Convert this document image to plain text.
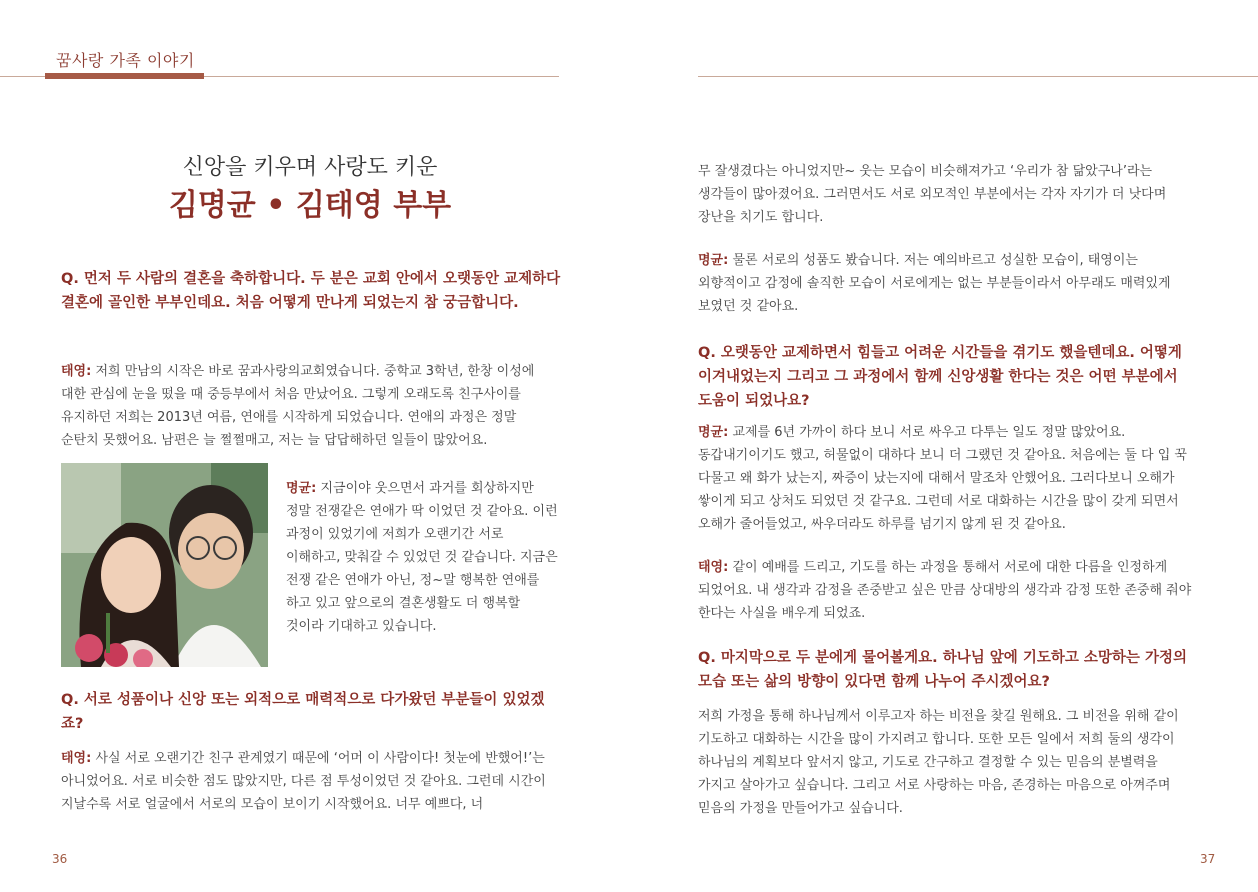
꿈사랑 가족 이야기
신앙을 키우며 사랑도 키운
김명균 • 김태영 부부
Q. 먼저 두 사람의 결혼을 축하합니다. 두 분은 교회 안에서 오랫동안 교제하다 결혼에 골인한 부부인데요. 처음 어떻게 만나게 되었는지 참 궁금합니다.
태영: 저희 만남의 시작은 바로 꿈과사랑의교회였습니다. 중학교 3학년, 한창 이성에 대한 관심에 눈을 떴을 때 중등부에서 처음 만났어요. 그렇게 오래도록 친구사이를 유지하던 저희는 2013년 여름, 연애를 시작하게 되었습니다. 연애의 과정은 정말 순탄치 못했어요. 남편은 늘 쩔쩔매고, 저는 늘 답답해하던 일들이 많았어요.
명균: 지금이야 웃으면서 과거를 회상하지만 정말 전쟁같은 연애가 딱 이었던 것 같아요. 이런 과정이 있었기에 저희가 오랜기간 서로 이해하고, 맞춰갈 수 있었던 것 같습니다. 지금은 전쟁 같은 연애가 아닌, 정~말 행복한 연애를 하고 있고 앞으로의 결혼생활도 더 행복할 것이라 기대하고 있습니다.
Q. 서로 성품이나 신앙 또는 외적으로 매력적으로 다가왔던 부분들이 있었겠죠?
태영: 사실 서로 오랜기간 친구 관계였기 때문에 ‘어머 이 사람이다! 첫눈에 반했어!’는 아니었어요. 서로 비슷한 점도 많았지만, 다른 점 투성이었던 것 같아요. 그런데 시간이 지날수록 서로 얼굴에서 서로의 모습이 보이기 시작했어요. 너무 예쁘다, 너
36
무 잘생겼다는 아니었지만~ 웃는 모습이 비슷해져가고 ‘우리가 참 닮았구나’라는 생각들이 많아졌어요. 그러면서도 서로 외모적인 부분에서는 각자 자기가 더 낫다며 장난을 치기도 합니다.
명균: 물론 서로의 성품도 봤습니다. 저는 예의바르고 성실한 모습이, 태영이는 외향적이고 감정에 솔직한 모습이 서로에게는 없는 부분들이라서 아무래도 매력있게 보였던 것 같아요.
Q. 오랫동안 교제하면서 힘들고 어려운 시간들을 겪기도 했을텐데요. 어떻게 이겨내었는지 그리고 그 과정에서 함께 신앙생활 한다는 것은 어떤 부분에서 도움이 되었나요?
명균: 교제를 6년 가까이 하다 보니 서로 싸우고 다투는 일도 정말 많았어요. 동갑내기이기도 했고, 허물없이 대하다 보니 더 그랬던 것 같아요. 처음에는 둘 다 입 꾹 다물고 왜 화가 났는지, 짜증이 났는지에 대해서 말조차 안했어요. 그러다보니 오해가 쌓이게 되고 상처도 되었던 것 같구요. 그런데 서로 대화하는 시간을 많이 갖게 되면서 오해가 줄어들었고, 싸우더라도 하루를 넘기지 않게 된 것 같아요.
태영: 같이 예배를 드리고, 기도를 하는 과정을 통해서 서로에 대한 다름을 인정하게 되었어요. 내 생각과 감정을 존중받고 싶은 만큼 상대방의 생각과 감정 또한 존중해 줘야 한다는 사실을 배우게 되었죠.
Q. 마지막으로 두 분에게 물어볼게요. 하나님 앞에 기도하고 소망하는 가정의 모습 또는 삶의 방향이 있다면 함께 나누어 주시겠어요?
저희 가정을 통해 하나님께서 이루고자 하는 비전을 찾길 원해요. 그 비전을 위해 같이 기도하고 대화하는 시간을 많이 가지려고 합니다. 또한 모든 일에서 저희 둘의 생각이 하나님의 계획보다 앞서지 않고, 기도로 간구하고 결정할 수 있는 믿음의 분별력을 가지고 살아가고 싶습니다. 그리고 서로 사랑하는 마음, 존경하는 마음으로 아껴주며 믿음의 가정을 만들어가고 싶습니다.
37
